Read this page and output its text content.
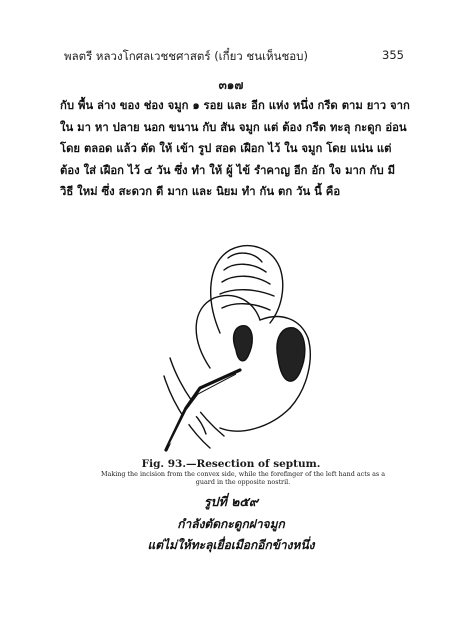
พลตรี หลวงโกศลเวชชศาสตร์ (เกี๋ยว ชนเห็นชอบ)	355
๓๑๗
กับ พื้น ล่าง ของ ช่อง จมูก ๑ รอย และ อีก แห่ง หนึ่ง กรีด ตาม ยาว จาก
ใน มา หา ปลาย นอก ขนาน กับ สัน จมูก แต่ ต้อง กรีด ทะลุ กะดูก อ่อน
โดย ตลอด แล้ว ตัด ให้ เข้า รูป สอด เฝือก ไว้ ใน จมูก โดย แน่น แต่
ต้อง ใส่ เฝือก ไว้ ๔ วัน ซึ่ง ทำ ให้ ผู้ ไข้ รำคาญ อีก อัก ใจ มาก กับ มี
วิธี ใหม่ ซึ่ง สะดวก ดี มาก และ นิยม ทำ กัน ตก วัน นี้ คือ
Fig. 93.—Resection of septum.
Making the incision from the convex side, while the forefinger of the left hand acts as a guard in the opposite nostril.
รูปที่ ๒๕๙
กำลังตัดกะดูกฝาจมูก
แต่ไม่ให้ทะลุเยื่อเมือกอีกข้างหนึ่ง
